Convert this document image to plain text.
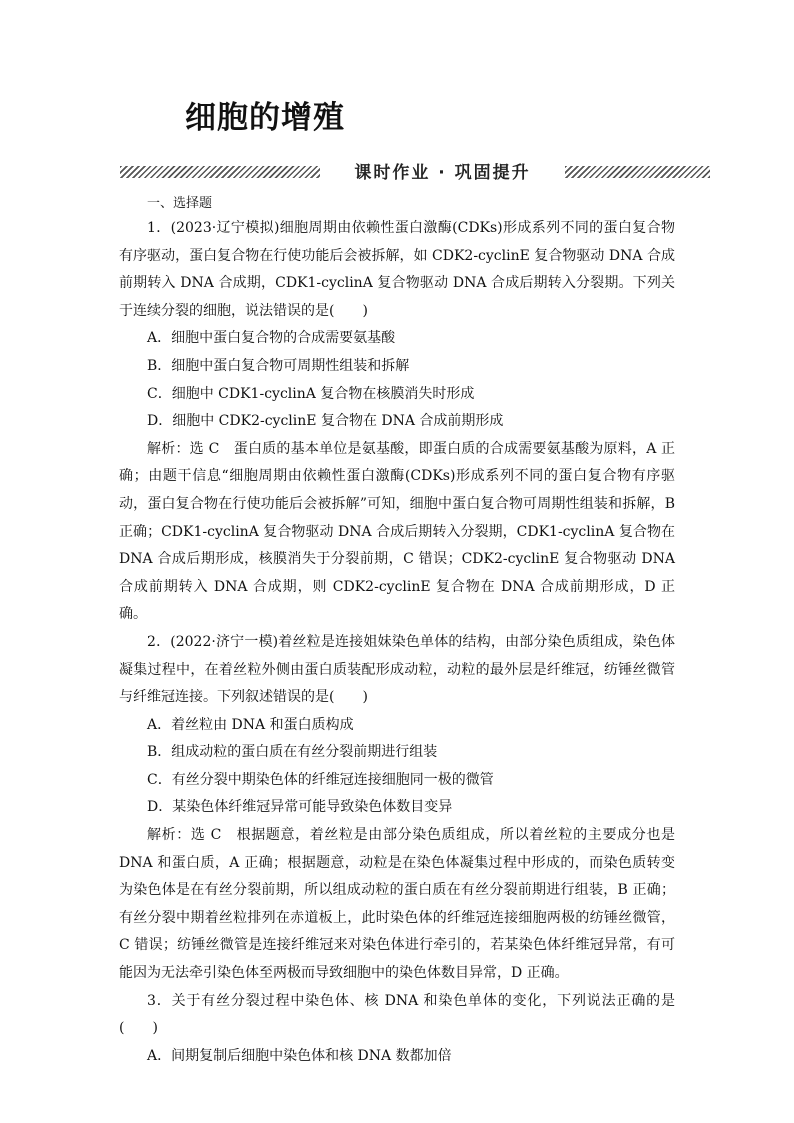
细胞的增殖
课时作业 · 巩固提升
一、选择题

1．(2023·辽宁模拟)细胞周期由依赖性蛋白激酶(CDKs)形成系列不同的蛋白复合物有序驱动，蛋白复合物在行使功能后会被拆解，如 CDK2-cyclinE 复合物驱动 DNA 合成前期转入 DNA 合成期，CDK1-cyclinA 复合物驱动 DNA 合成后期转入分裂期。下列关于连续分裂的细胞，说法错误的是(　　)

A．细胞中蛋白复合物的合成需要氨基酸

B．细胞中蛋白复合物可周期性组装和拆解

C．细胞中 CDK1-cyclinA 复合物在核膜消失时形成

D．细胞中 CDK2-cyclinE 复合物在 DNA 合成前期形成

解析：选 C　蛋白质的基本单位是氨基酸，即蛋白质的合成需要氨基酸为原料，A 正确；由题干信息“细胞周期由依赖性蛋白激酶(CDKs)形成系列不同的蛋白复合物有序驱动，蛋白复合物在行使功能后会被拆解”可知，细胞中蛋白复合物可周期性组装和拆解，B 正确；CDK1-cyclinA 复合物驱动 DNA 合成后期转入分裂期，CDK1-cyclinA 复合物在 DNA 合成后期形成，核膜消失于分裂前期，C 错误；CDK2-cyclinE 复合物驱动 DNA 合成前期转入 DNA 合成期，则 CDK2-cyclinE 复合物在 DNA 合成前期形成，D 正确。

2．(2022·济宁一模)着丝粒是连接姐妹染色单体的结构，由部分染色质组成，染色体凝集过程中，在着丝粒外侧由蛋白质装配形成动粒，动粒的最外层是纤维冠，纺锤丝微管与纤维冠连接。下列叙述错误的是(　　)

A．着丝粒由 DNA 和蛋白质构成

B．组成动粒的蛋白质在有丝分裂前期进行组装

C．有丝分裂中期染色体的纤维冠连接细胞同一极的微管

D．某染色体纤维冠异常可能导致染色体数目变异

解析：选 C　根据题意，着丝粒是由部分染色质组成，所以着丝粒的主要成分也是 DNA 和蛋白质，A 正确；根据题意，动粒是在染色体凝集过程中形成的，而染色质转变为染色体是在有丝分裂前期，所以组成动粒的蛋白质在有丝分裂前期进行组装，B 正确；有丝分裂中期着丝粒排列在赤道板上，此时染色体的纤维冠连接细胞两极的纺锤丝微管，C 错误；纺锤丝微管是连接纤维冠来对染色体进行牵引的，若某染色体纤维冠异常，有可能因为无法牵引染色体至两极而导致细胞中的染色体数目异常，D 正确。

3．关于有丝分裂过程中染色体、核 DNA 和染色单体的变化，下列说法正确的是(　　)

A．间期复制后细胞中染色体和核 DNA 数都加倍
